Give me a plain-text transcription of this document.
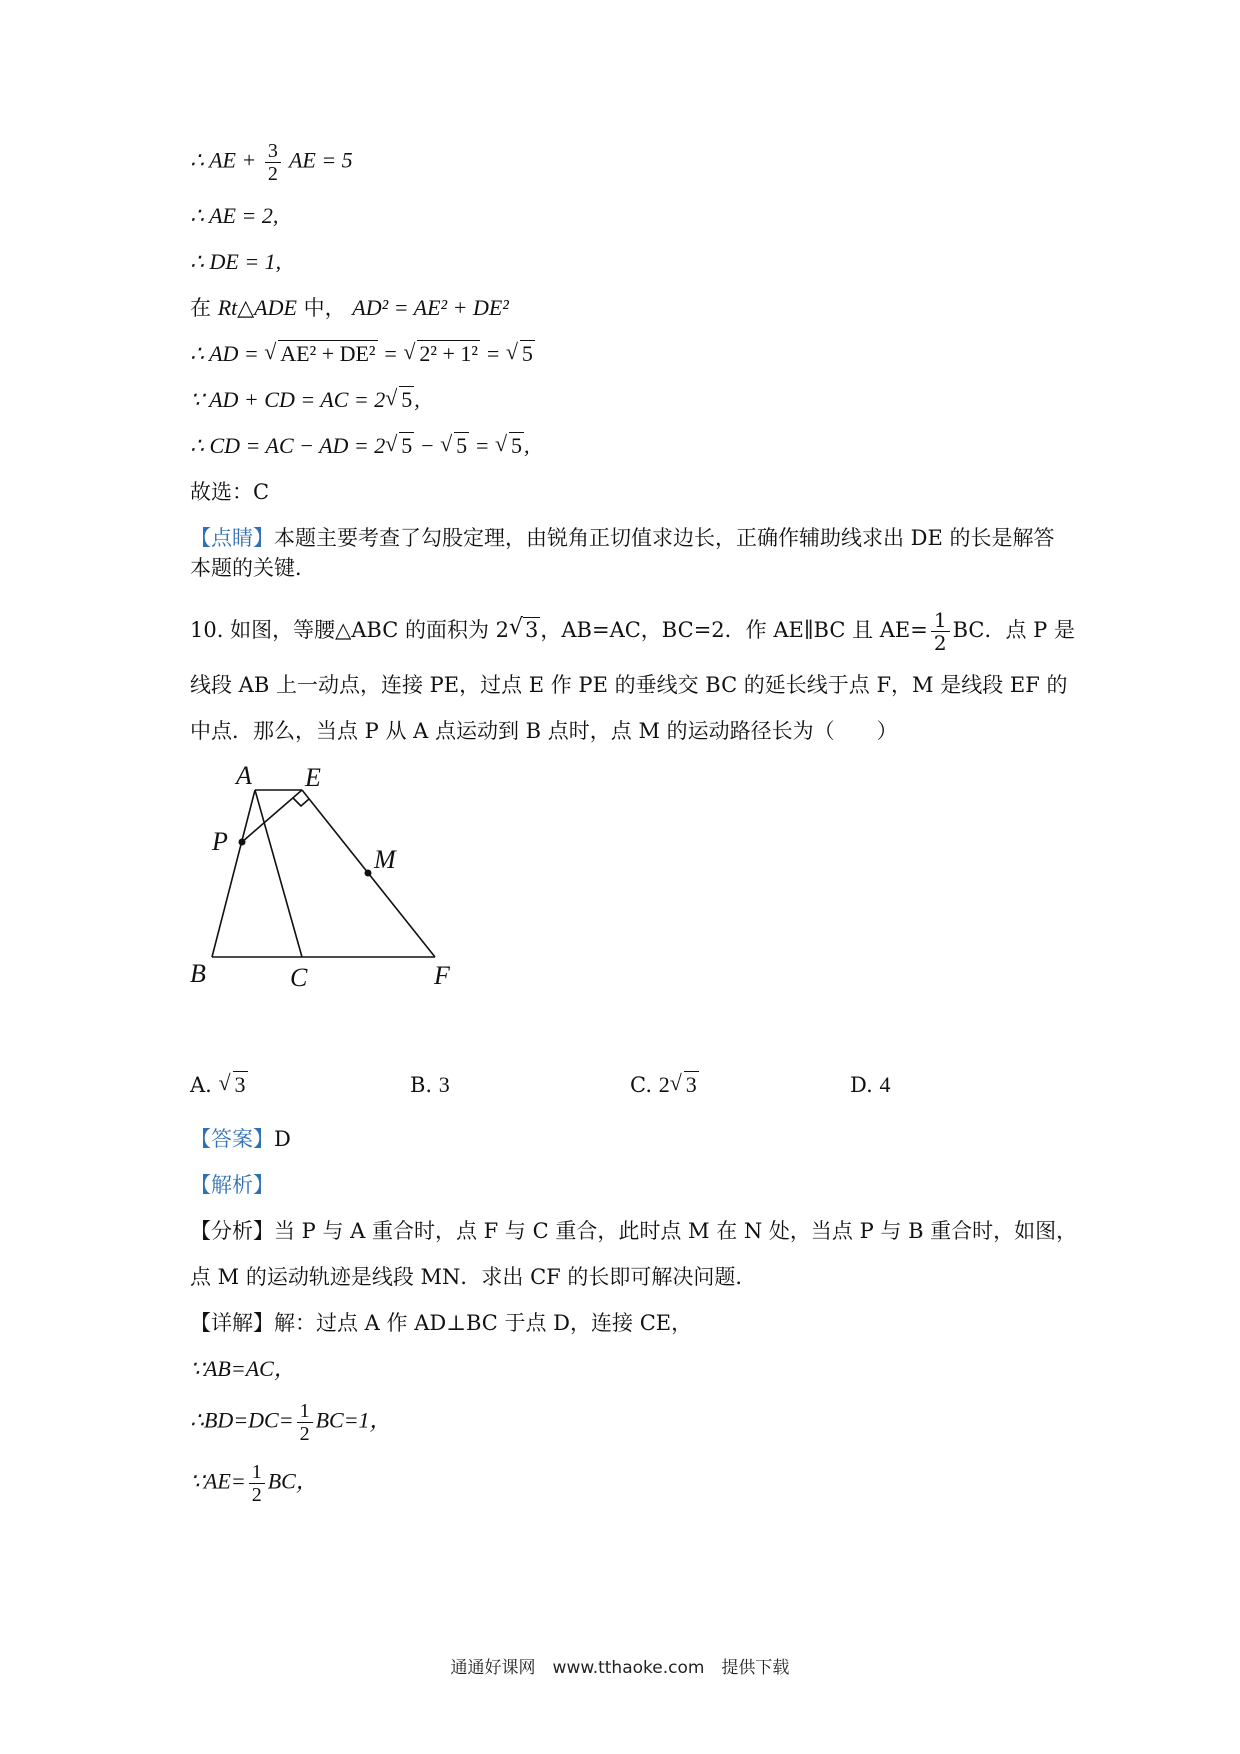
∴ AE + $\frac{3}{2}$ AE = 5
∴ AE = 2,
∴ DE = 1,
在 Rt△ADE 中， AD² = AE² + DE²
∴ AD = √ AE² + DE² = √ 2² + 1² = √ 5
∵ AD + CD = AC = 2 √ 5,
∴ CD = AC − AD = 2 √ 5 − √ 5 = √ 5,
故选：C
【点睛】本题主要考查了勾股定理，由锐角正切值求边长，正确作辅助线求出 DE 的长是解答本题的关键．
10. 如图，等腰△ABC 的面积为 2 √ 3，AB=AC，BC=2．作 AE∥BC 且 $AE= \frac{1}{2}$ BC．点 P 是
线段 AB 上一动点，连接 PE，过点 E 作 PE 的垂线交 BC 的延长线于点 F，M 是线段 EF 的
中点．那么，当点 P 从 A 点运动到 B 点时，点 M 的运动路径长为（　　）
A E
P
M
B	C	F
A. √ 3	B. 3	C. 2 √ 3	D. 4
【答案】D
【解析】
【分析】当 P 与 A 重合时，点 F 与 C 重合，此时点 M 在 N 处，当点 P 与 B 重合时，如图，
点 M 的运动轨迹是线段 MN．求出 CF 的长即可解决问题．
【详解】解：过点 A 作 AD⊥BC 于点 D，连接 CE，
∵AB=AC，
∴BD=DC= $\frac{1}{2} BC=1$，
∵AE= $\frac{1}{2}$ BC，
通通好课网　www.tthaoke.com　提供下载
